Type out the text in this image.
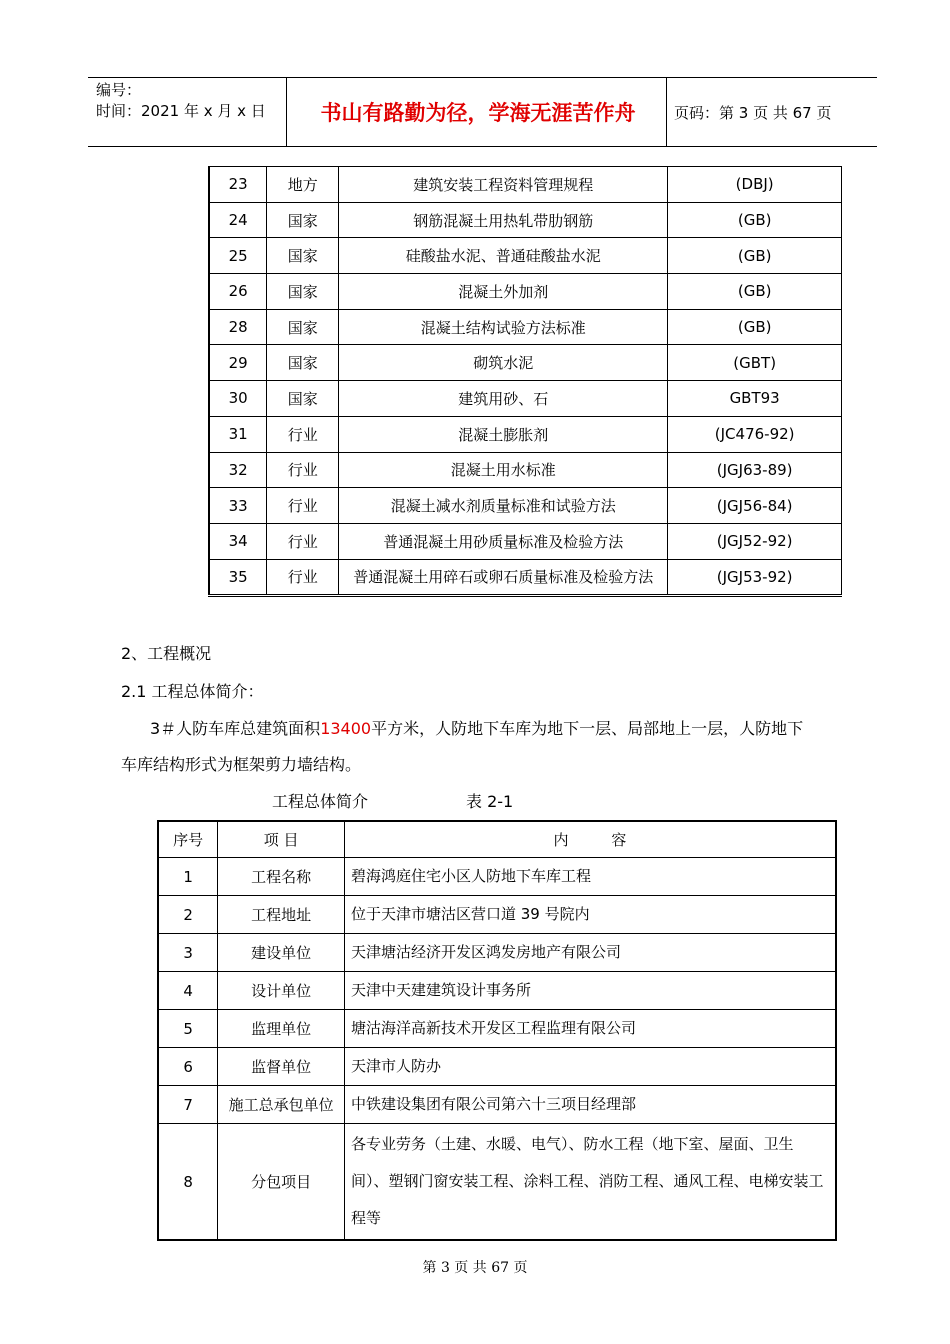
编号：
时间：2021 年 x 月 x 日	书山有路勤为径，学海无涯苦作舟	页码：第 3 页 共 67 页
23	地方	建筑安装工程资料管理规程	(DBJ)
24	国家	钢筋混凝土用热轧带肋钢筋	(GB)
25	国家	硅酸盐水泥、普通硅酸盐水泥	(GB)
26	国家	混凝土外加剂	(GB)
28	国家	混凝土结构试验方法标准	(GB)
29	国家	砌筑水泥	(GBT)
30	国家	建筑用砂、石	GBT93
31	行业	混凝土膨胀剂	(JC476-92)
32	行业	混凝土用水标准	(JGJ63-89)
33	行业	混凝土减水剂质量标准和试验方法	(JGJ56-84)
34	行业	普通混凝土用砂质量标准及检验方法	(JGJ52-92)
35	行业	普通混凝土用碎石或卵石质量标准及检验方法	(JGJ53-92)
2、工程概况
2.1 工程总体简介：
3＃人防车库总建筑面积13400平方米，人防地下车库为地下一层、局部地上一层，人防地下
车库结构形式为框架剪力墙结构。
工程总体简介	表 2-1
序号	项 目	内         容
1	工程名称	碧海鸿庭住宅小区人防地下车库工程
2	工程地址	位于天津市塘沽区营口道 39 号院内
3	建设单位	天津塘沽经济开发区鸿发房地产有限公司
4	设计单位	天津中天建建筑设计事务所
5	监理单位	塘沽海洋高新技术开发区工程监理有限公司
6	监督单位	天津市人防办
7	施工总承包单位	中铁建设集团有限公司第六十三项目经理部
8	分包项目	各专业劳务（土建、水暖、电气）、防水工程（地下室、屋面、卫生间）、塑钢门窗安装工程、涂料工程、消防工程、通风工程、电梯安装工程等
第 3 页 共 67 页
